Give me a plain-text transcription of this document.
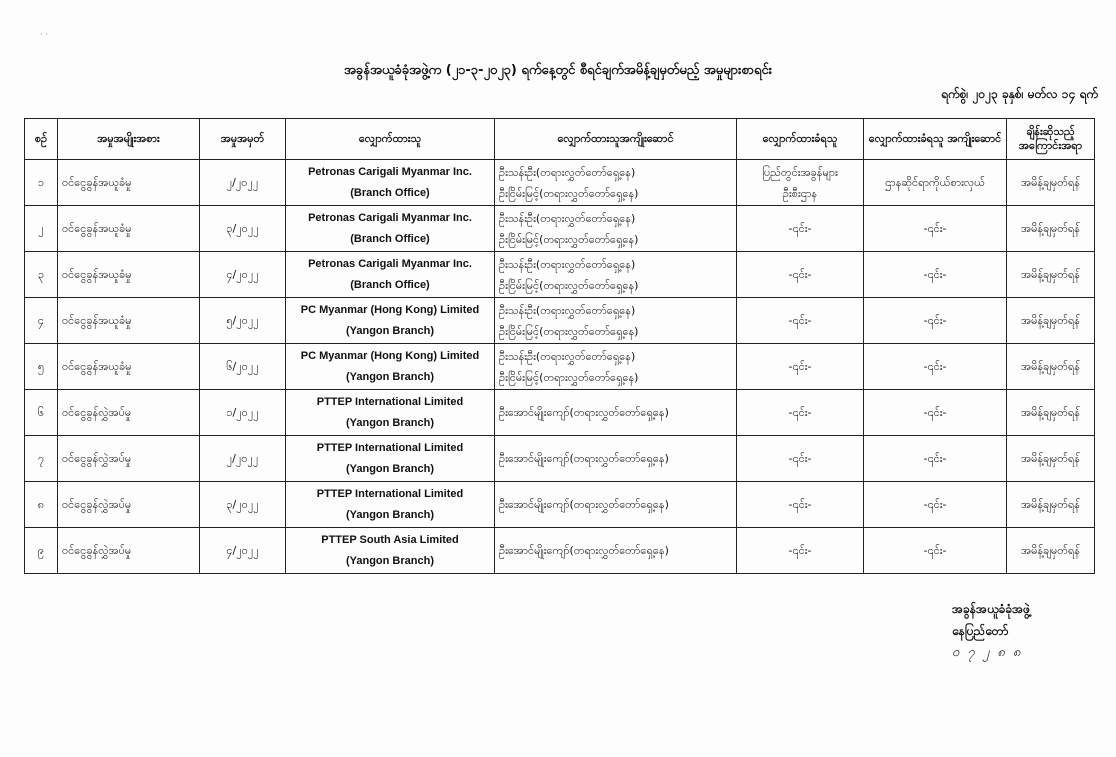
· ·
အခွန်အယူခံခုံအဖွဲ့က (၂၁-၃-၂၀၂၃) ရက်နေ့တွင် စီရင်ချက်အမိန့်ချမှတ်မည့် အမှုများစာရင်း
ရက်စွဲ၊ ၂၀၂၃ ခုနှစ်၊ မတ်လ ၁၄ ရက်
စဉ်	အမှုအမျိုးအစား	အမှုအမှတ်	လျှောက်ထားသူ	လျှောက်ထားသူအကျိုးဆောင်	လျှောက်ထားခံရသူ	လျှောက်ထားခံရသူ အကျိုးဆောင်	ချိန်းဆိုသည့် အကြောင်းအရာ

၁	ဝင်ငွေခွန်အယူခံမှု	၂/၂၀၂၂	Petronas Carigali Myanmar Inc.
(Branch Office)	ဦးသန်းဦး(တရားလွှတ်တော်ရှေ့နေ)
ဦးငြိမ်းမြင့်(တရားလွှတ်တော်ရှေ့နေ)	ပြည်တွင်းအခွန်များ
ဦးစီးဌာန	ဌာနဆိုင်ရာကိုယ်စားလှယ်	အမိန့်ချမှတ်ရန်

၂	ဝင်ငွေခွန်အယူခံမှု	၃/၂၀၂၂	Petronas Carigali Myanmar Inc.
(Branch Office)	ဦးသန်းဦး(တရားလွှတ်တော်ရှေ့နေ)
ဦးငြိမ်းမြင့်(တရားလွှတ်တော်ရှေ့နေ)	-၎င်း-	-၎င်း-	အမိန့်ချမှတ်ရန်

၃	ဝင်ငွေခွန်အယူခံမှု	၄/၂၀၂၂	Petronas Carigali Myanmar Inc.
(Branch Office)	ဦးသန်းဦး(တရားလွှတ်တော်ရှေ့နေ)
ဦးငြိမ်းမြင့်(တရားလွှတ်တော်ရှေ့နေ)	-၎င်း-	-၎င်း-	အမိန့်ချမှတ်ရန်

၄	ဝင်ငွေခွန်အယူခံမှု	၅/၂၀၂၂	PC Myanmar (Hong Kong) Limited
(Yangon Branch)	ဦးသန်းဦး(တရားလွှတ်တော်ရှေ့နေ)
ဦးငြိမ်းမြင့်(တရားလွှတ်တော်ရှေ့နေ)	-၎င်း-	-၎င်း-	အမိန့်ချမှတ်ရန်

၅	ဝင်ငွေခွန်အယူခံမှု	၆/၂၀၂၂	PC Myanmar (Hong Kong) Limited
(Yangon Branch)	ဦးသန်းဦး(တရားလွှတ်တော်ရှေ့နေ)
ဦးငြိမ်းမြင့်(တရားလွှတ်တော်ရှေ့နေ)	-၎င်း-	-၎င်း-	အမိန့်ချမှတ်ရန်

၆	ဝင်ငွေခွန်လွှဲအပ်မှု	၁/၂၀၂၂	PTTEP International Limited
(Yangon Branch)	ဦးအောင်မျိုးကျော်(တရားလွှတ်တော်ရှေ့နေ)	-၎င်း-	-၎င်း-	အမိန့်ချမှတ်ရန်

၇	ဝင်ငွေခွန်လွှဲအပ်မှု	၂/၂၀၂၂	PTTEP International Limited
(Yangon Branch)	ဦးအောင်မျိုးကျော်(တရားလွှတ်တော်ရှေ့နေ)	-၎င်း-	-၎င်း-	အမိန့်ချမှတ်ရန်

၈	ဝင်ငွေခွန်လွှဲအပ်မှု	၃/၂၀၂၂	PTTEP International Limited
(Yangon Branch)	ဦးအောင်မျိုးကျော်(တရားလွှတ်တော်ရှေ့နေ)	-၎င်း-	-၎င်း-	အမိန့်ချမှတ်ရန်

၉	ဝင်ငွေခွန်လွှဲအပ်မှု	၄/၂၀၂၂	PTTEP South Asia Limited
(Yangon Branch)	ဦးအောင်မျိုးကျော်(တရားလွှတ်တော်ရှေ့နေ)	-၎င်း-	-၎င်း-	အမိန့်ချမှတ်ရန်
အခွန်အယူခံခုံအဖွဲ့
နေပြည်တော်
ဝ ၇ ၂ ၈ ၈
